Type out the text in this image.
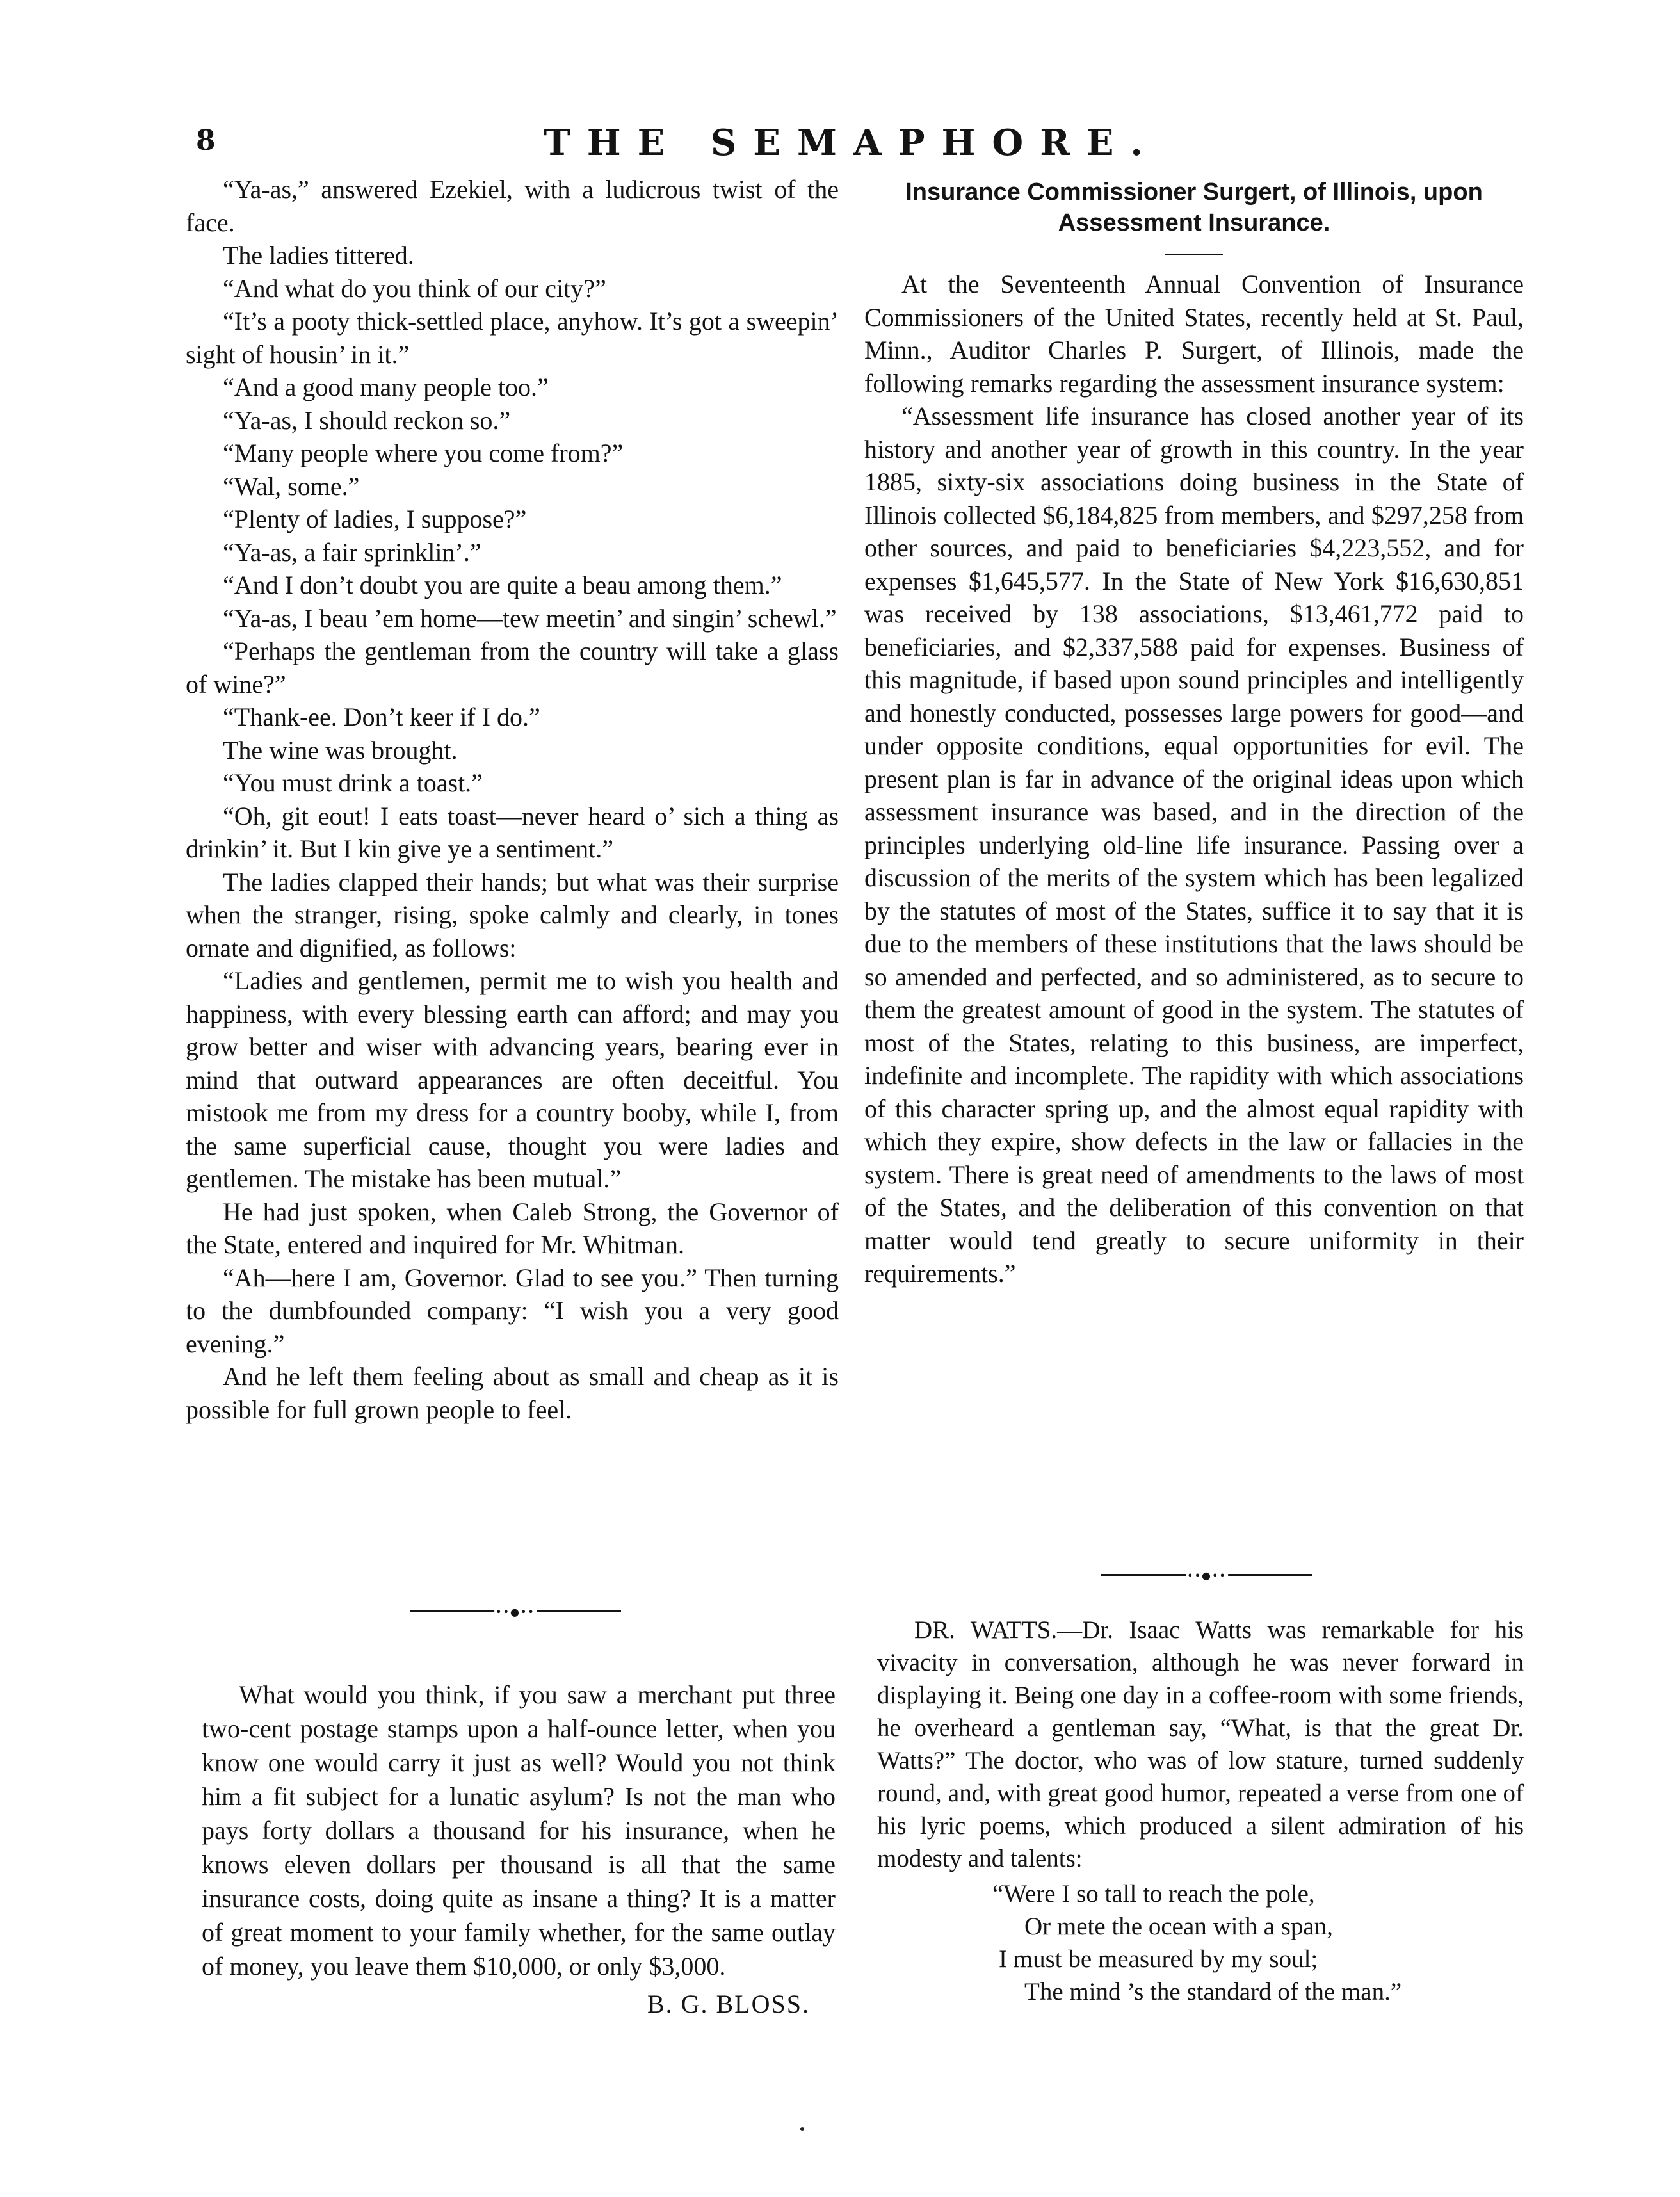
8	THE SEMAPHORE.

“Ya-as,” answered Ezekiel, with a ludicrous twist of the face.

The ladies tittered.

“And what do you think of our city?”

“It’s a pooty thick-settled place, anyhow. It’s got a sweepin’ sight of housin’ in it.”

“And a good many people too.”

“Ya-as, I should reckon so.”

“Many people where you come from?”

“Wal, some.”

“Plenty of ladies, I suppose?”

“Ya-as, a fair sprinklin’.”

“And I don’t doubt you are quite a beau among them.”

“Ya-as, I beau ’em home—tew meetin’ and singin’ schewl.”

“Perhaps the gentleman from the country will take a glass of wine?”

“Thank-ee. Don’t keer if I do.”

The wine was brought.

“You must drink a toast.”

“Oh, git eout! I eats toast—never heard o’ sich a thing as drinkin’ it. But I kin give ye a sentiment.”

The ladies clapped their hands; but what was their surprise when the stranger, rising, spoke calmly and clearly, in tones ornate and dignified, as follows:

“Ladies and gentlemen, permit me to wish you health and happiness, with every blessing earth can afford; and may you grow better and wiser with advancing years, bearing ever in mind that outward appearances are often deceitful. You mistook me from my dress for a country booby, while I, from the same superficial cause, thought you were ladies and gentlemen. The mistake has been mutual.”

He had just spoken, when Caleb Strong, the Governor of the State, entered and inquired for Mr. Whitman.

“Ah—here I am, Governor. Glad to see you.” Then turning to the dumbfounded company: “I wish you a very good evening.”

And he left them feeling about as small and cheap as it is possible for full grown people to feel.

Insurance Commissioner Surgert, of Illinois, upon Assessment Insurance.

At the Seventeenth Annual Convention of Insurance Commissioners of the United States, recently held at St. Paul, Minn., Auditor Charles P. Surgert, of Illinois, made the following remarks regarding the assessment insurance system:

“Assessment life insurance has closed another year of its history and another year of growth in this country. In the year 1885, sixty-six associations doing business in the State of Illinois collected $6,184,825 from members, and $297,258 from other sources, and paid to beneficiaries $4,223,552, and for expenses $1,645,577. In the State of New York $16,630,851 was received by 138 associations, $13,461,772 paid to beneficiaries, and $2,337,588 paid for expenses. Business of this magnitude, if based upon sound principles and intelligently and honestly conducted, possesses large powers for good—and under opposite conditions, equal opportunities for evil. The present plan is far in advance of the original ideas upon which assessment insurance was based, and in the direction of the principles underlying old-line life insurance. Passing over a discussion of the merits of the system which has been legalized by the statutes of most of the States, suffice it to say that it is due to the members of these institutions that the laws should be so amended and perfected, and so administered, as to secure to them the greatest amount of good in the system. The statutes of most of the States, relating to this business, are imperfect, indefinite and incomplete. The rapidity with which associations of this character spring up, and the almost equal rapidity with which they expire, show defects in the law or fallacies in the system. There is great need of amendments to the laws of most of the States, and the deliberation of this convention on that matter would tend greatly to secure uniformity in their requirements.”

••●••
••●••

What would you think, if you saw a merchant put three two-cent postage stamps upon a half-ounce letter, when you know one would carry it just as well? Would you not think him a fit subject for a lunatic asylum? Is not the man who pays forty dollars a thousand for his insurance, when he knows eleven dollars per thousand is all that the same insurance costs, doing quite as insane a thing? It is a matter of great moment to your family whether, for the same outlay of money, you leave them $10,000, or only $3,000.

B. G. BLOSS.

DR. WATTS.—Dr. Isaac Watts was remarkable for his vivacity in conversation, although he was never forward in displaying it. Being one day in a coffee-room with some friends, he overheard a gentleman say, “What, is that the great Dr. Watts?” The doctor, who was of low stature, turned suddenly round, and, with great good humor, repeated a verse from one of his lyric poems, which produced a silent admiration of his modesty and talents:

“Were I so tall to reach the pole,
Or mete the ocean with a span,
I must be measured by my soul;
The mind ’s the standard of the man.”
